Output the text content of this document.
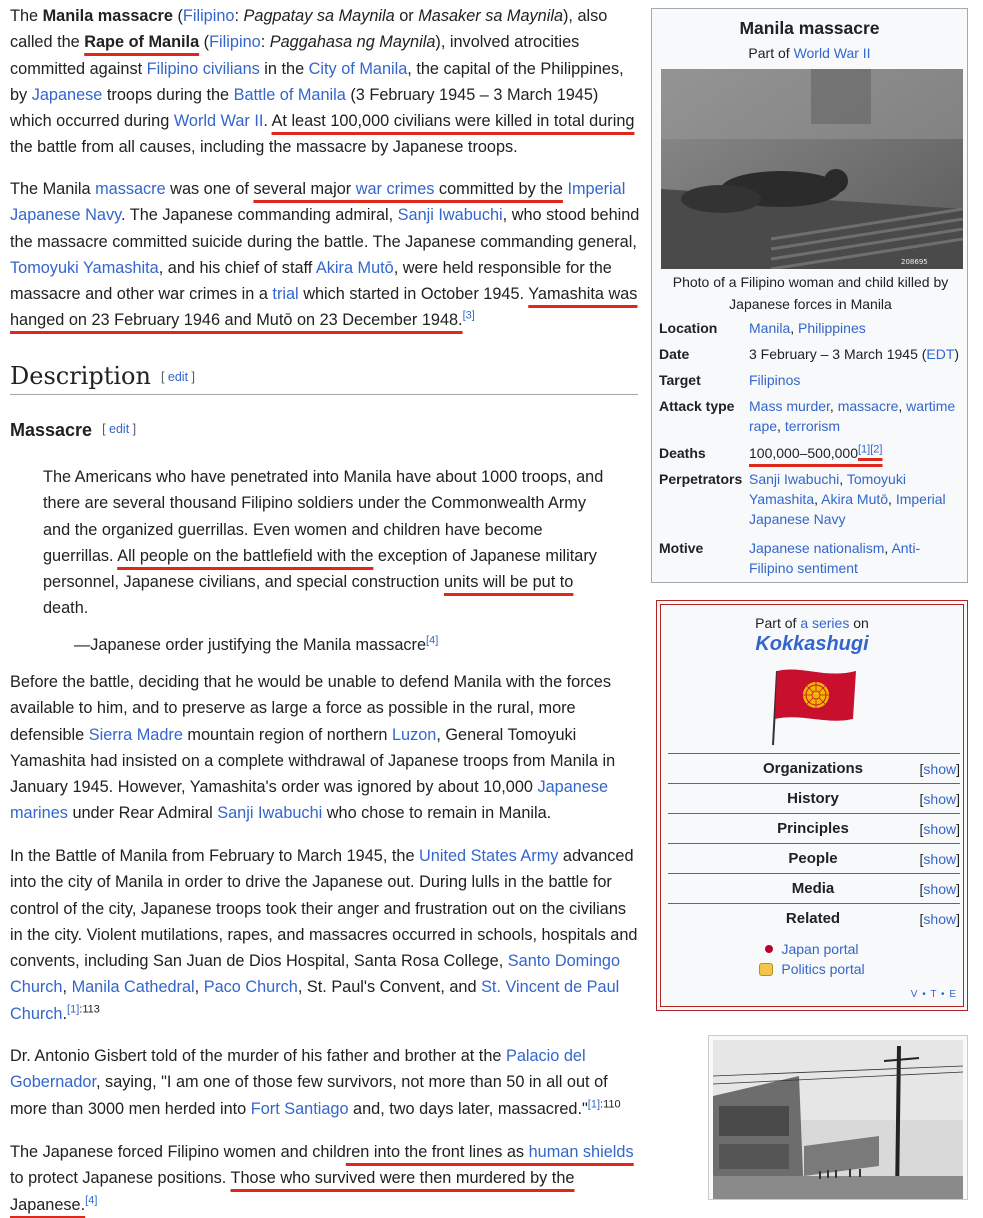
The Manila massacre (Filipino: Pagpatay sa Maynila or Masaker sa Maynila), also called the Rape of Manila (Filipino: Paggahasa ng Maynila), involved atrocities committed against Filipino civilians in the City of Manila, the capital of the Philippines, by Japanese troops during the Battle of Manila (3 February 1945 – 3 March 1945) which occurred during World War II. At least 100,000 civilians were killed in total during the battle from all causes, including the massacre by Japanese troops.

The Manila massacre was one of several major war crimes committed by the Imperial Japanese Navy. The Japanese commanding admiral, Sanji Iwabuchi, who stood behind the massacre committed suicide during the battle. The Japanese commanding general, Tomoyuki Yamashita, and his chief of staff Akira Mutō, were held responsible for the massacre and other war crimes in a trial which started in October 1945. Yamashita was hanged on 23 February 1946 and Mutō on 23 December 1948.[3]

Description [ edit ]
Massacre [ edit ]
The Americans who have penetrated into Manila have about 1000 troops, and there are several thousand Filipino soldiers under the Commonwealth Army and the organized guerrillas. Even women and children have become guerrillas. All people on the battlefield with the exception of Japanese military personnel, Japanese civilians, and special construction units will be put to death.
—Japanese order justifying the Manila massacre[4]
Before the battle, deciding that he would be unable to defend Manila with the forces available to him, and to preserve as large a force as possible in the rural, more defensible Sierra Madre mountain region of northern Luzon, General Tomoyuki Yamashita had insisted on a complete withdrawal of Japanese troops from Manila in January 1945. However, Yamashita's order was ignored by about 10,000 Japanese marines under Rear Admiral Sanji Iwabuchi who chose to remain in Manila.
In the Battle of Manila from February to March 1945, the United States Army advanced into the city of Manila in order to drive the Japanese out. During lulls in the battle for control of the city, Japanese troops took their anger and frustration out on the civilians in the city. Violent mutilations, rapes, and massacres occurred in schools, hospitals and convents, including San Juan de Dios Hospital, Santa Rosa College, Santo Domingo Church, Manila Cathedral, Paco Church, St. Paul's Convent, and St. Vincent de Paul Church.$^{[1]:113}$
Dr. Antonio Gisbert told of the murder of his father and brother at the Palacio del Gobernador, saying, "I am one of those few survivors, not more than 50 in all out of more than 3000 men herded into Fort Santiago and, two days later, massacred."$^{[1]:110}$
The Japanese forced Filipino women and children into the front lines as human shields to protect Japanese positions. Those who survived were then murdered by the Japanese.[4]
Manila massacre
Part of World War II
208695
Photo of a Filipino woman and child killed by Japanese forces in Manila
Location	Manila, Philippines
Date	3 February – 3 March 1945 (EDT)
Target	Filipinos
Attack type	Mass murder, massacre, wartime rape, terrorism
Deaths	100,000–500,000[1][2]
Perpetrators Sanji Iwabuchi, Tomoyuki Yamashita, Akira Mutō, Imperial Japanese Navy
Motive	Japanese nationalism, Anti-Filipino sentiment
Part of a series on
Kokkashugi
Organizations	[show]
History	[show]
Principles	[show]
People	[show]
Media	[show]
Related	[show]
Japan portal
Politics portal
V • T • E
